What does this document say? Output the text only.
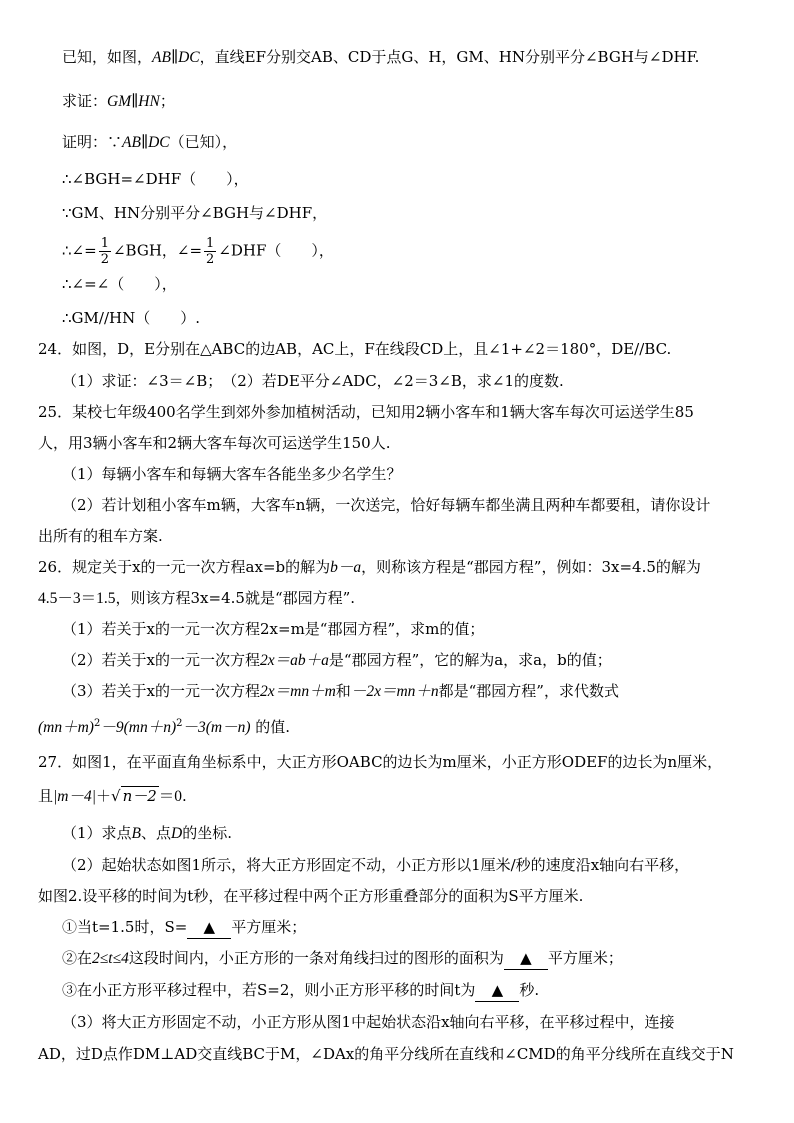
已知，如图，AB∥DC，直线EF分别交AB、CD于点G、H，GM、HN分别平分∠BGH与∠DHF.
求证：GM∥HN；
证明：∵AB∥DC（已知），
∴∠BGH=∠DHF（　　），
∵GM、HN分别平分∠BGH与∠DHF，
∴∠= $\frac{1}{2}$ ∠BGH，∠= $\frac{1}{2}$ ∠DHF（　　），
∴∠=∠（　　），
∴GM//HN（　　）.
24．如图，D，E分别在△ABC的边AB，AC上，F在线段CD上，且∠1+∠2＝180°，DE//BC.
（1）求证：∠3＝∠B；　（2）若DE平分∠ADC，∠2＝3∠B，求∠1的度数.
25．某校七年级400名学生到郊外参加植树活动，已知用2辆小客车和1辆大客车每次可运送学生85
人，用3辆小客车和2辆大客车每次可运送学生150人.
（1）每辆小客车和每辆大客车各能坐多少名学生？
（2）若计划租小客车m辆，大客车n辆，一次送完，恰好每辆车都坐满且两种车都要租，请你设计
出所有的租车方案.
26．规定关于x的一元一次方程ax=b的解为b－a，则称该方程是“郡园方程”，例如：3x=4.5的解为
4.5－3＝1.5，则该方程3x=4.5就是“郡园方程”.
（1）若关于x的一元一次方程2x=m是“郡园方程”，求m的值；
（2）若关于x的一元一次方程2x＝ab＋a是“郡园方程”，它的解为a，求a，b的值；
（3）若关于x的一元一次方程2x＝mn＋m和－2x＝mn＋n都是“郡园方程”，求代数式
$(mn+m)^2-9(mn+n)^2-3(m-n)$ 的值.
27．如图1，在平面直角坐标系中，大正方形OABC的边长为m厘米，小正方形ODEF的边长为n厘米，
且|m－4|＋√ n－2 ＝0.
（1）求点B、点D的坐标.
（2）起始状态如图1所示，将大正方形固定不动，小正方形以1厘米/秒的速度沿x轴向右平移，
如图2.设平移的时间为t秒，在平移过程中两个正方形重叠部分的面积为S平方厘米.
①当t=1.5时，S= ▲ 平方厘米；
②在2≤t≤4这段时间内，小正方形的一条对角线扫过的图形的面积为 ▲ 平方厘米；
③在小正方形平移过程中，若S=2，则小正方形平移的时间t为 ▲ 秒.
（3）将大正方形固定不动，小正方形从图1中起始状态沿x轴向右平移，在平移过程中，连接
AD，过D点作DM⊥AD交直线BC于M，∠DAx的角平分线所在直线和∠CMD的角平分线所在直线交于N
